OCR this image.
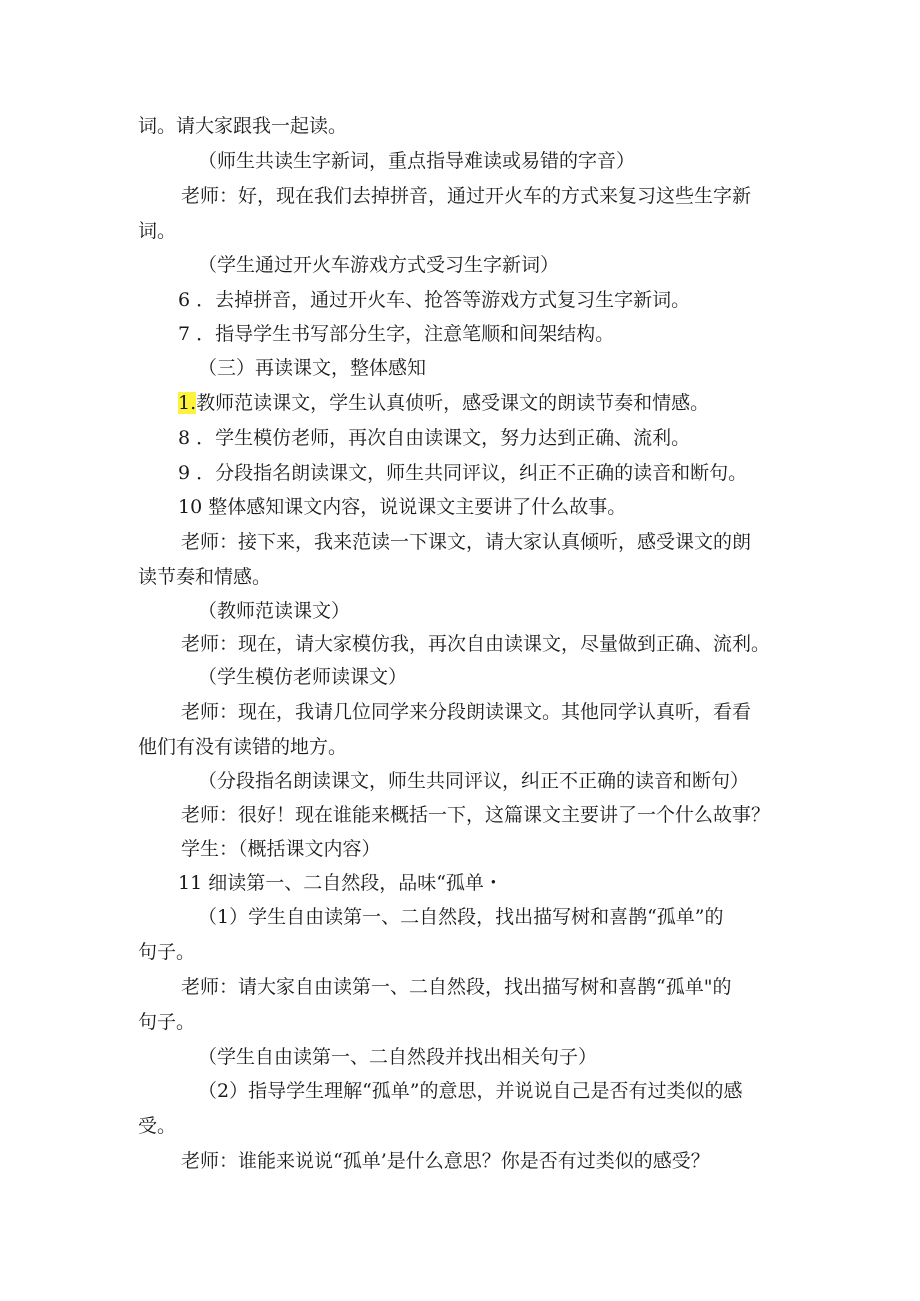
词。请大家跟我一起读。
（师生共读生字新词，重点指导难读或易错的字音）
老师：好，现在我们去掉拼音，通过开火车的方式来复习这些生字新
词。
（学生通过开火车游戏方式受习生字新词）
6 ．去掉拼音，通过开火车、抢答等游戏方式复习生字新词。
7 ．指导学生书写部分生字，注意笔顺和间架结构。
（三）再读课文，整体感知
1.教师范读课文，学生认真侦听，感受课文的朗读节奏和情感。
8 ．学生模仿老师，再次自由读课文，努力达到正确、流利。
9 ．分段指名朗读课文，师生共同评议，纠正不正确的读音和断句。
10 整体感知课文内容，说说课文主要讲了什么故事。
老师：接下来，我来范读一下课文，请大家认真倾听，感受课文的朗
读节奏和情感。
（教师范读课文）
老师：现在，请大家模仿我，再次自由读课文，尽量做到正确、流利。
（学生模仿老师读课文）
老师：现在，我请几位同学来分段朗读课文。其他同学认真听，看看
他们有没有读错的地方。
（分段指名朗读课文，师生共同评议，纠正不正确的读音和断句）
老师：很好！现在谁能来概括一下，这篇课文主要讲了一个什么故事？
学生：（概括课文内容）
11 细读第一、二自然段，品味“孤单・
（1）学生自由读第一、二自然段，找出描写树和喜鹊“孤单”的
句子。
老师：请大家自由读第一、二自然段，找出描写树和喜鹊“孤单"的
句子。
（学生自由读第一、二自然段并找出相关句子）
（2）指导学生理解“孤单”的意思，并说说自己是否有过类似的感
受。
老师：谁能来说说“孤单’是什么意思？你是否有过类似的感受？
